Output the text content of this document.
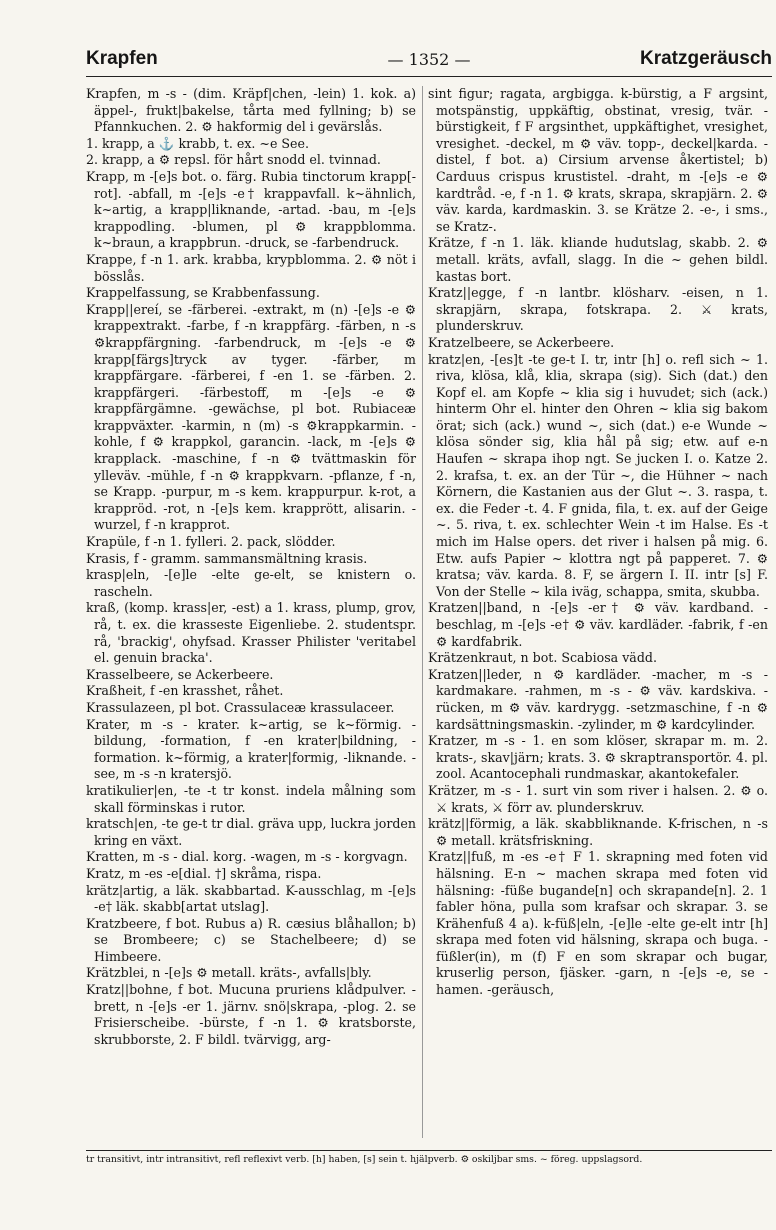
Krapfen	— 1352 —	Kratzgeräusch

Krapfen, m -s - (dim. Kräpf|chen, -lein) 1. kok. a) äppel-, frukt|bakelse, tårta med fyllning; b) se Pfannkuchen. 2. ⚙ hakformig del i gevärslås.

1. krapp, a ⚓ krabb, t. ex. ~e See.

2. krapp, a ⚙ repsl. för hårt snodd el. tvinnad.

Krapp, m -[e]s bot. o. färg. Rubia tinctorum krapp[-rot]. -abfall, m -[e]s -e† krappavfall. k~ähnlich, k~artig, a krapp|liknande, -artad. -bau, m -[e]s krappodling. -blumen, pl ⚙ krappblomma. k~braun, a krappbrun. -druck, se -farbendruck.

Krappe, f -n 1. ark. krabba, krypblomma. 2. ⚙ nöt i bösslås.

Krappelfassung, se Krabbenfassung.

Krapp||ereí, se -färberei. -extrakt, m (n) -[e]s -e ⚙ krappextrakt. -farbe, f -n krappfärg. -färben, n -s ⚙krappfärgning. -farbendruck, m -[e]s -e ⚙ krapp[färgs]tryck av tyger. -färber, m krappfärgare. -färberei, f -en 1. se -färben. 2. krappfärgeri. -färbestoff, m -[e]s -e ⚙ krappfärgämne. -gewächse, pl bot. Rubiaceæ krappväxter. -karmin, n (m) -s ⚙krappkarmin. -kohle, f ⚙ krappkol, garancin. -lack, m -[e]s ⚙ krapplack. -maschine, f -n ⚙ tvättmaskin för ylleväv. -mühle, f -n ⚙ krappkvarn. -pflanze, f -n, se Krapp. -purpur, m -s kem. krappurpur. k-rot, a krappröd. -rot, n -[e]s kem. krapprött, alisarin. -wurzel, f -n krapprot.

Krapüle, f -n 1. fylleri. 2. pack, slödder.

Krasis, f - gramm. sammansmältning krasis.

krasp|eln, -[e]le -elte ge-elt, se knistern o. rascheln.

kraß, (komp. krass|er, -est) a 1. krass, plump, grov, rå, t. ex. die krasseste Eigenliebe. 2. studentspr. rå, 'brackig', ohyfsad. Krasser Philister 'veritabel el. genuin bracka'.

Krasselbeere, se Ackerbeere.

Kraßheit, f -en krasshet, råhet.

Krassulazeen, pl bot. Crassulaceæ krassulaceer.

Krater, m -s - krater. k~artig, se k~förmig. -bildung, -formation, f -en krater|bildning, -formation. k~förmig, a krater|formig, -liknande. -see, m -s -n kratersjö.

kratikulier|en, -te -t tr konst. indela målning som skall förminskas i rutor.

kratsch|en, -te ge-t tr dial. gräva upp, luckra jorden kring en växt.

Kratten, m -s - dial. korg. -wagen, m -s - korgvagn.

Kratz, m -es -e[dial. †] skråma, rispa.

krätz|artig, a läk. skabbartad. K-ausschlag, m -[e]s -e† läk. skabb[artat utslag].

Kratzbeere, f bot. Rubus a) R. cæsius blåhallon; b) se Brombeere; c) se Stachelbeere; d) se Himbeere.

Krätzblei, n -[e]s ⚙ metall. kräts-, avfalls|bly.

Kratz||bohne, f bot. Mucuna pruriens klådpulver. -brett, n -[e]s -er 1. järnv. snö|skrapa, -plog. 2. se Frisierscheibe. -bürste, f -n 1. ⚙ kratsborste, skrubborste, 2. F bildl. tvärvigg, arg-

sint figur; ragata, argbigga. k-bürstig, a F argsint, motspänstig, uppkäftig, obstinat, vresig, tvär. -bürstigkeit, f F argsinthet, uppkäftighet, vresighet, vresighet. -deckel, m ⚙ väv. topp-, deckel|karda. -distel, f bot. a) Cirsium arvense åkertistel; b) Carduus crispus krustistel. -draht, m -[e]s -e ⚙ kardtråd. -e, f -n 1. ⚙ krats, skrapa, skrapjärn. 2. ⚙ väv. karda, kardmaskin. 3. se Krätze 2. -e-, i sms., se Kratz-.

Krätze, f -n 1. läk. kliande hudutslag, skabb. 2. ⚙ metall. kräts, avfall, slagg. In die ~ gehen bildl. kastas bort.

Kratz||egge, f -n lantbr. klösharv. -eisen, n 1. skrapjärn, skrapa, fotskrapa. 2. ⚔ krats, plunderskruv.

Kratzelbeere, se Ackerbeere.

kratz|en, -[es]t -te ge-t I. tr, intr [h] o. refl sich ~ 1. riva, klösa, klå, klia, skrapa (sig). Sich (dat.) den Kopf el. am Kopfe ~ klia sig i huvudet; sich (ack.) hinterm Ohr el. hinter den Ohren ~ klia sig bakom örat; sich (ack.) wund ~, sich (dat.) e-e Wunde ~ klösa sönder sig, klia hål på sig; etw. auf e-n Haufen ~ skrapa ihop ngt. Se jucken I. o. Katze 2. 2. krafsa, t. ex. an der Tür ~, die Hühner ~ nach Körnern, die Kastanien aus der Glut ~. 3. raspa, t. ex. die Feder -t. 4. F gnida, fila, t. ex. auf der Geige ~. 5. riva, t. ex. schlechter Wein -t im Halse. Es -t mich im Halse opers. det river i halsen på mig. 6. Etw. aufs Papier ~ klottra ngt på papperet. 7. ⚙ kratsa; väv. karda. 8. F, se ärgern I. II. intr [s] F. Von der Stelle ~ kila iväg, schappa, smita, skubba.

Kratzen||band, n -[e]s -er† ⚙ väv. kardband. -beschlag, m -[e]s -e† ⚙ väv. kardläder. -fabrik, f -en ⚙ kardfabrik.

Krätzenkraut, n bot. Scabiosa vädd.

Kratzen||leder, n ⚙ kardläder. -macher, m -s - kardmakare. -rahmen, m -s - ⚙ väv. kardskiva. -rücken, m ⚙ väv. kardrygg. -setzmaschine, f -n ⚙ kardsättningsmaskin. -zylinder, m ⚙ kardcylinder.

Kratzer, m -s - 1. en som klöser, skrapar m. m. 2. krats-, skav|järn; krats. 3. ⚙ skraptransportör. 4. pl. zool. Acantocephali rundmaskar, akantokefaler.

Krätzer, m -s - 1. surt vin som river i halsen. 2. ⚙ o. ⚔ krats, ⚔ förr av. plunderskruv.

krätz||förmig, a läk. skabbliknande. K-frischen, n -s ⚙ metall. krätsfriskning.

Kratz||fuß, m -es -e† F 1. skrapning med foten vid hälsning. E-n ~ machen skrapa med foten vid hälsning: -füße bugande[n] och skrapande[n]. 2. 1 fabler höna, pulla som krafsar och skrapar. 3. se Krähenfuß 4 a). k-füß|eln, -[e]le -elte ge-elt intr [h] skrapa med foten vid hälsning, skrapa och buga. -füßler(in), m (f) F en som skrapar och bugar, kruserlig person, fjäsker. -garn, n -[e]s -e, se -hamen. -geräusch,

tr transitivt, intr intransitivt, refl reflexivt verb. [h] haben, [s] sein t. hjälpverb. ⚙ oskiljbar sms. ~ föreg. uppslagsord.
